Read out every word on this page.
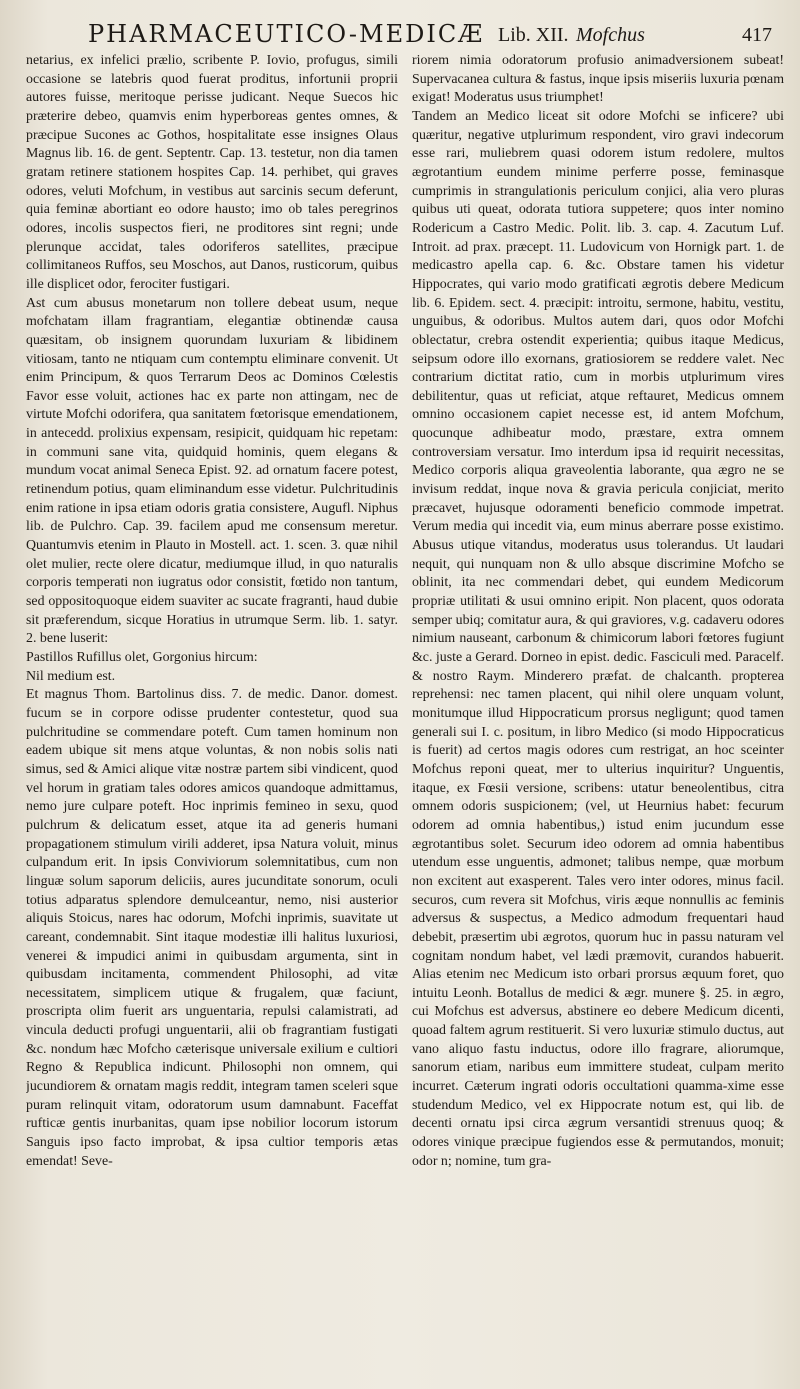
PHARMACEUTICO-MEDICÆ Lib. XII. Mofchus	417

netarius, ex infelici prælio, scribente P. Iovio, profugus, simili occasione se latebris quod fuerat proditus, infortunii proprii autores fuisse, meritoque perisse judicant. Neque Suecos hic præterire debeo, quamvis enim hyperboreas gentes omnes, & præcipue Sucones ac Gothos, hospitalitate esse insignes Olaus Magnus lib. 16. de gent. Septentr. Cap. 13. testetur, non dia tamen gratam retinere stationem hospites Cap. 14. perhibet, qui graves odores, veluti Mofchum, in vestibus aut sarcinis secum deferunt, quia feminæ abortiant eo odore hausto; imo ob tales peregrinos odores, incolis suspectos fieri, ne proditores sint regni; unde plerunque accidat, tales odoriferos satellites, præcipue collimitaneos Ruffos, seu Moschos, aut Danos, rusticorum, quibus ille displicet odor, ferociter fustigari.
Ast cum abusus monetarum non tollere debeat usum, neque mofchatam illam fragrantiam, elegantiæ obtinendæ causa quæsitam, ob insignem quorundam luxuriam & libidinem vitiosam, tanto ne ntiquam cum contemptu eliminare convenit. Ut enim Principum, & quos Terrarum Deos ac Dominos Cœlestis Favor esse voluit, actiones hac ex parte non attingam, nec de virtute Mofchi odorifera, qua sanitatem fœtorisque emendationem, in antecedd. prolixius expensam, resipicit, quidquam hic repetam: in communi sane vita, quidquid hominis, quem elegans & mundum vocat animal Seneca Epist. 92. ad ornatum facere potest, retinendum potius, quam eliminandum esse videtur. Pulchritudinis enim ratione in ipsa etiam odoris gratia consistere, Augufl. Niphus lib. de Pulchro. Cap. 39. facilem apud me consensum meretur. Quantumvis etenim in Plauto in Mostell. act. 1. scen. 3. quæ nihil olet mulier, recte olere dicatur, mediumque illud, in quo naturalis corporis temperati non iugratus odor consistit, fœtido non tantum, sed oppositoquoque eidem suaviter ac sucate fragranti, haud dubie sit præferendum, sicque Horatius in utrumque Serm. lib. 1. satyr. 2. bene luserit:
Pastillos Rufillus olet, Gorgonius hircum:
Nil medium est.
Et magnus Thom. Bartolinus diss. 7. de medic. Danor. domest. fucum se in corpore odisse prudenter contestetur, quod sua pulchritudine se commendare poteft. Cum tamen hominum non eadem ubique sit mens atque voluntas, & non nobis solis nati simus, sed & Amici alique vitæ nostræ partem sibi vindicent, quod vel horum in gratiam tales odores amicos quandoque admittamus, nemo jure culpare poteft. Hoc inprimis femineo in sexu, quod pulchrum & delicatum esset, atque ita ad generis humani propagationem stimulum virili adderet, ipsa Natura voluit, minus culpandum erit. In ipsis Conviviorum solemnitatibus, cum non linguæ solum saporum deliciis, aures jucunditate sonorum, oculi totius adparatus splendore demulceantur, nemo, nisi austerior aliquis Stoicus, nares hac odorum, Mofchi inprimis, suavitate ut careant, condemnabit. Sint itaque modestiæ illi halitus luxuriosi, venerei & impudici animi in quibusdam argumenta, sint in quibusdam incitamenta, commendent Philosophi, ad vitæ necessitatem, simplicem utique & frugalem, quæ faciunt, proscripta olim fuerit ars unguentaria, repulsi calamistrati, ad vincula deducti profugi unguentarii, alii ob fragrantiam fustigati &c. nondum hæc Mofcho cæterisque universale exilium e cultiori Regno & Republica indicunt. Philosophi non omnem, qui jucundiorem & ornatam magis reddit, integram tamen sceleri sque puram relinquit vitam, odoratorum usum damnabunt. Faceffat rufticæ gentis inurbanitas, quam ipse nobilior locorum istorum Sanguis ipso facto improbat, & ipsa cultior temporis ætas emendat! Seve-

riorem nimia odoratorum profusio animadversionem subeat! Supervacanea cultura & fastus, inque ipsis miseriis luxuria pœnam exigat! Moderatus usus triumphet!
Tandem an Medico liceat sit odore Mofchi se inficere? ubi quæritur, negative utplurimum respondent, viro gravi indecorum esse rari, muliebrem quasi odorem istum redolere, multos ægrotantium eundem minime perferre posse, feminasque cumprimis in strangulationis periculum conjici, alia vero pluras quibus uti queat, odorata tutiora suppetere; quos inter nomino Rodericum a Castro Medic. Polit. lib. 3. cap. 4. Zacutum Luf. Introit. ad prax. præcept. 11. Ludovicum von Hornigk part. 1. de medicastro apella cap. 6. &c. Obstare tamen his videtur Hippocrates, qui vario modo gratificati ægrotis debere Medicum lib. 6. Epidem. sect. 4. præcipit: introitu, sermone, habitu, vestitu, unguibus, & odoribus. Multos autem dari, quos odor Mofchi oblectatur, crebra ostendit experientia; quibus itaque Medicus, seipsum odore illo exornans, gratiosiorem se reddere valet. Nec contrarium dictitat ratio, cum in morbis utplurimum vires debilitentur, quas ut reficiat, atque reftauret, Medicus omnem omnino occasionem capiet necesse est, id antem Mofchum, quocunque adhibeatur modo, præstare, extra omnem controversiam versatur. Imo interdum ipsa id requirit necessitas, Medico corporis aliqua graveolentia laborante, qua ægro ne se invisum reddat, inque nova & gravia pericula conjiciat, merito præcavet, hujusque odoramenti beneficio commode impetrat. Verum media qui incedit via, eum minus aberrare posse existimo. Abusus utique vitandus, moderatus usus tolerandus. Ut laudari nequit, qui nunquam non & ullo absque discrimine Mofcho se oblinit, ita nec commendari debet, qui eundem Medicorum propriæ utilitati & usui omnino eripit. Non placent, quos odorata semper ubiq; comitatur aura, & qui graviores, v.g. cadaveru odores nimium nauseant, carbonum & chimicorum labori fœtores fugiunt &c. juste a Gerard. Dorneo in epist. dedic. Fasciculi med. Paracelf. & nostro Raym. Minderero præfat. de chalcanth. propterea reprehensi: nec tamen placent, qui nihil olere unquam volunt, monitumque illud Hippocraticum prorsus negligunt; quod tamen generali sui I. c. positum, in libro Medico (si modo Hippocraticus is fuerit) ad certos magis odores cum restrigat, an hoc sceinter Mofchus reponi queat, mer to ulterius inquiritur? Unguentis, itaque, ex Fœsii versione, scribens: utatur beneolentibus, citra omnem odoris suspicionem; (vel, ut Heurnius habet: fecurum odorem ad omnia habentibus,) istud enim jucundum esse ægrotantibus solet. Securum ideo odorem ad omnia habentibus utendum esse unguentis, admonet; talibus nempe, quæ morbum non excitent aut exasperent. Tales vero inter odores, minus facil. securos, cum revera sit Mofchus, viris æque nonnullis ac feminis adversus & suspectus, a Medico admodum frequentari haud debebit, præsertim ubi ægrotos, quorum huc in passu naturam vel cognitam nondum habet, vel lædi præmovit, curandos habuerit. Alias etenim nec Medicum isto orbari prorsus æquum foret, quo intuitu Leonh. Botallus de medici & ægr. munere §. 25. in ægro, cui Mofchus est adversus, abstinere eo debere Medicum dicenti, quoad faltem agrum restituerit. Si vero luxuriæ stimulo ductus, aut vano aliquo fastu inductus, odore illo fragrare, aliorumque, sanorum etiam, naribus eum immittere studeat, culpam merito incurret. Cæterum ingrati odoris occultationi quamma-xime esse studendum Medico, vel ex Hippocrate notum est, qui lib. de decenti ornatu ipsi circa ægrum versantidi strenuus quoq; & odores vinique præcipue fugiendos esse & permutandos, monuit; odor n; nomine, tum gra-
